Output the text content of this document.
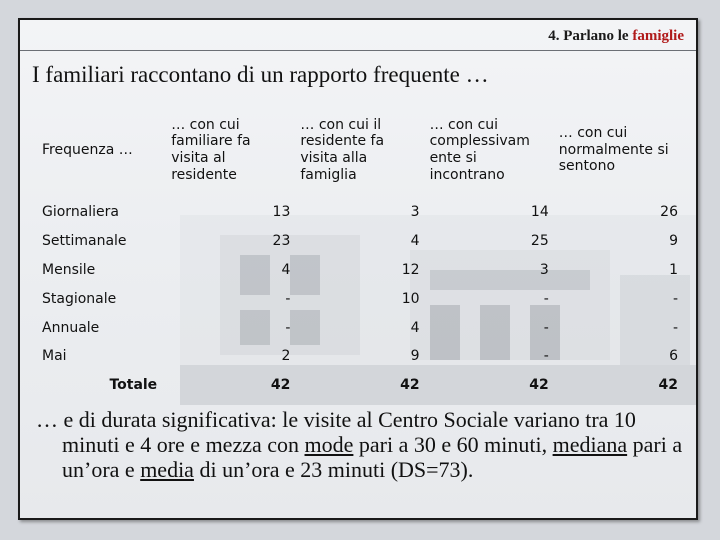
4. Parlano le famiglie
I familiari raccontano di un rapporto frequente …
Frequenza …	… con cui familiare fa visita al residente	… con cui il residente fa visita alla famiglia	… con cui complessivam ente si incontrano	… con cui normalmente si sentono
Giornaliera	13	3	14	26
Settimanale	23	4	25	9
Mensile	4	12	3	1
Stagionale	-	10	-	-
Annuale	-	4	-	-
Mai	2	9	-	6
Totale	42	42	42	42

… e di durata significativa: le visite al Centro Sociale variano tra 10 minuti e 4 ore e mezza con mode pari a 30 e 60 minuti, mediana pari a un’ora e media di un’ora e 23 minuti (DS=73).
